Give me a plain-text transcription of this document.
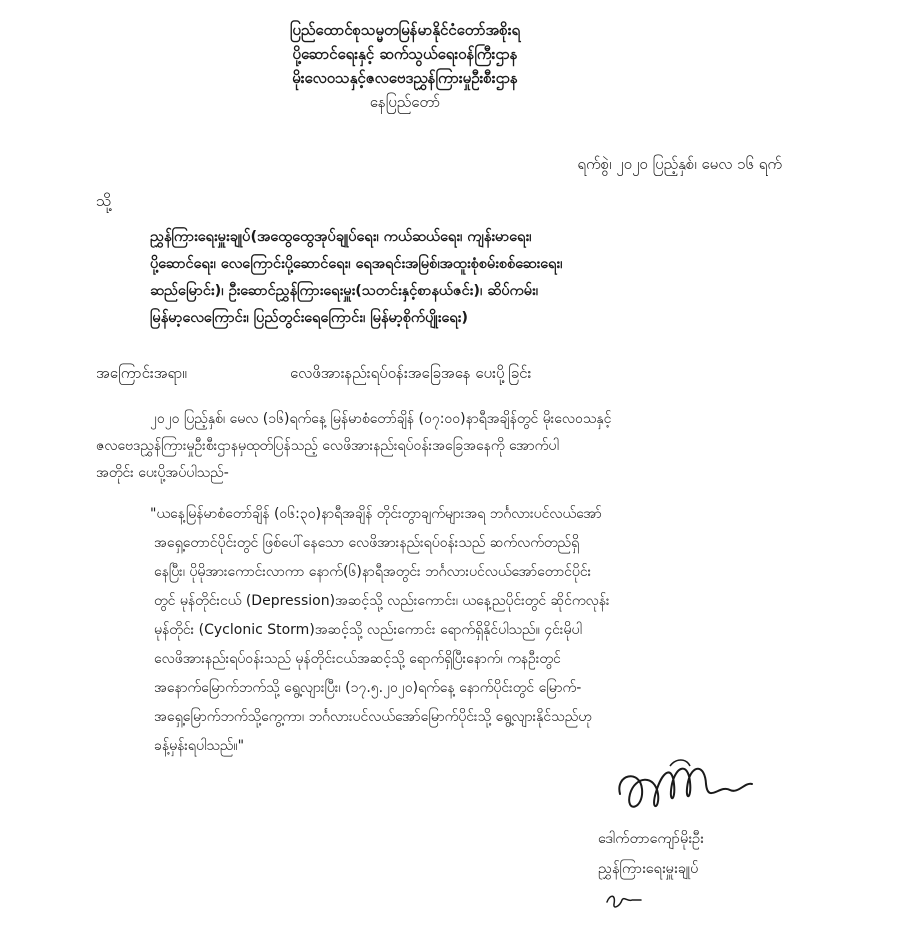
ပြည်ထောင်စုသမ္မတမြန်မာနိုင်ငံတော်အစိုးရ
ပို့ဆောင်ရေးနှင့် ဆက်သွယ်ရေးဝန်ကြီးဌာန
မိုးလေဝသနှင့်ဇလဗေဒညွှန်ကြားမှုဦးစီးဌာန
နေပြည်တော်
ရက်စွဲ၊ ၂၀၂၀ ပြည့်နှစ်၊ မေလ ၁၆ ရက်
သို့
ညွှန်ကြားရေးမှူးချုပ်(အထွေထွေအုပ်ချုပ်ရေး၊ ကယ်ဆယ်ရေး၊ ကျန်းမာရေး၊
ပို့ဆောင်ရေး၊ လေကြောင်းပို့ဆောင်ရေး၊ ရေအရင်းအမြစ်၊အထူးစုံစမ်းစစ်ဆေးရေး၊
ဆည်မြောင်း)၊ ဦးဆောင်ညွှန်ကြားရေးမှူး(သတင်းနှင့်စာနယ်ဇင်း)၊ ဆိပ်ကမ်း၊
မြန်မာ့လေကြောင်း၊ ပြည်တွင်းရေကြောင်း၊ မြန်မာ့စိုက်ပျိုးရေး)
အကြောင်းအရာ။	လေဖိအားနည်းရပ်ဝန်းအခြေအနေ ပေးပို့ခြင်း
၂၀၂၀ ပြည့်နှစ်၊ မေလ (၁၆)ရက်နေ့ မြန်မာစံတော်ချိန် (၀၇:၀၀)နာရီအချိန်တွင် မိုးလေဝသနှင့်
ဇလဗေဒညွှန်ကြားမှုဦးစီးဌာနမှထုတ်ပြန်သည့် လေဖိအားနည်းရပ်ဝန်းအခြေအနေကို အောက်ပါ
အတိုင်း ပေးပို့အပ်ပါသည်-
"ယနေ့မြန်မာစံတော်ချိန် (၀၆:၃၀)နာရီအချိန် တိုင်းတွာချက်များအရ ဘင်္ဂလားပင်လယ်အော်
အရှေ့တောင်ပိုင်းတွင် ဖြစ်ပေါ်နေသော လေဖိအားနည်းရပ်ဝန်းသည် ဆက်လက်တည်ရှိ
နေပြီး၊ ပိုမိုအားကောင်းလာကာ နောက်(၆)နာရီအတွင်း ဘင်္ဂလားပင်လယ်အော်တောင်ပိုင်း
တွင် မုန်တိုင်းငယ် (Depression)အဆင့်သို့ လည်းကောင်း၊ ယနေ့ညပိုင်းတွင် ဆိုင်ကလုန်း
မုန်တိုင်း (Cyclonic Storm)အဆင့်သို့ လည်းကောင်း ရောက်ရှိနိုင်ပါသည်။ ၄င်းမိုပါ
လေဖိအားနည်းရပ်ဝန်းသည် မုန်တိုင်းငယ်အဆင့်သို့ ရောက်ရှိပြီးနောက်၊ ကနဦးတွင်
အနောက်မြောက်ဘက်သို့ ရွေ့လျားပြီး၊ (၁၇.၅.၂၀၂၀)ရက်နေ့ နောက်ပိုင်းတွင် မြောက်-
အရှေ့မြောက်ဘက်သို့ကွေ့ကာ၊ ဘင်္ဂလားပင်လယ်အော်မြောက်ပိုင်းသို့ ရွေ့လျားနိုင်သည်ဟု
ခန့်မှန်းရပါသည်။"
ဒေါက်တာကျော်မိုးဦး
ညွှန်ကြားရေးမှူးချုပ်
